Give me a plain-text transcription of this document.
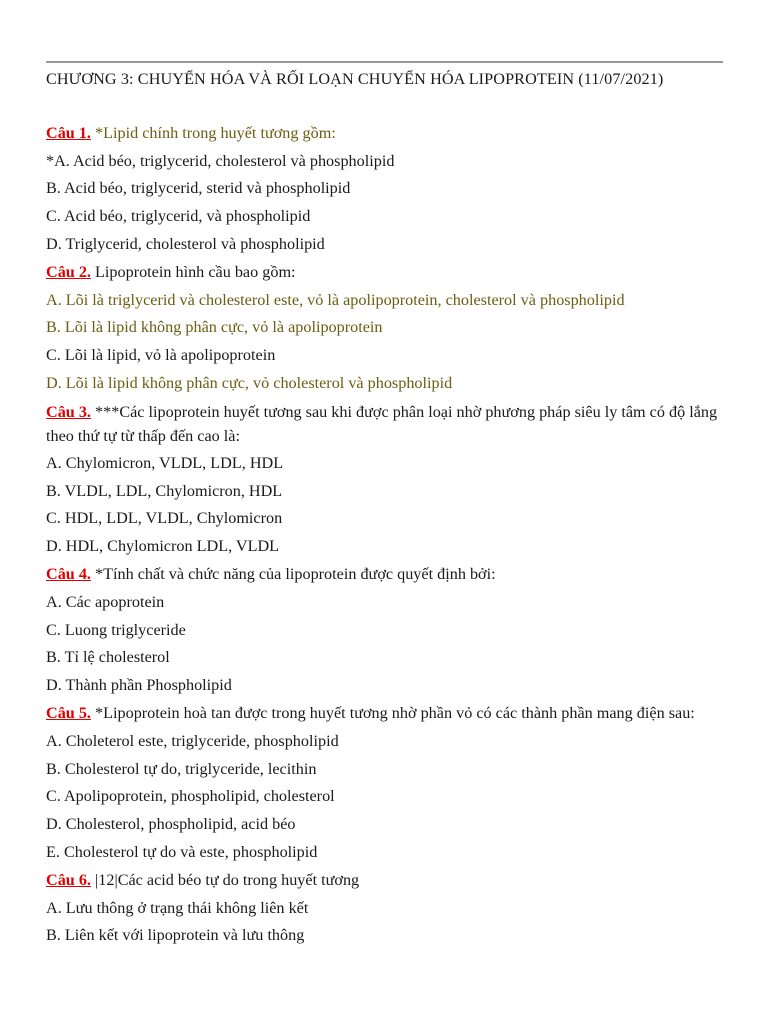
CHƯƠNG 3: CHUYỂN HÓA VÀ RỐI LOẠN CHUYỂN HÓA LIPOPROTEIN (11/07/2021)

Câu 1. *Lipid chính trong huyết tương gồm:

*A. Acid béo, triglycerid, cholesterol và phospholipid

B. Acid béo, triglycerid, sterid và phospholipid

C. Acid béo, triglycerid, và phospholipid

D. Triglycerid, cholesterol và phospholipid

Câu 2. Lipoprotein hình cầu bao gồm:

A. Lõi là triglycerid và cholesterol este, vỏ là apolipoprotein, cholesterol và phospholipid

B. Lõi là lipid không phân cực, vỏ là apolipoprotein

C. Lõi là lipid, vỏ là apolipoprotein

D. Lõi là lipid không phân cực, vỏ cholesterol và phospholipid

Câu 3. ***Các lipoprotein huyết tương sau khi được phân loại nhờ phương pháp siêu ly tâm có độ lắng theo thứ tự từ thấp đến cao là:

A. Chylomicron, VLDL, LDL, HDL

B. VLDL, LDL, Chylomicron, HDL

C. HDL, LDL, VLDL, Chylomicron

D. HDL, Chylomicron LDL, VLDL

Câu 4. *Tính chất và chức năng của lipoprotein được quyết định bởi:

A. Các apoprotein

C. Luong triglyceride

B. Tỉ lệ cholesterol

D. Thành phần Phospholipid

Câu 5. *Lipoprotein hoà tan được trong huyết tương nhờ phần vỏ có các thành phần mang điện sau:

A. Choleterol este, triglyceride, phospholipid

B. Cholesterol tự do, triglyceride, lecithin

C. Apolipoprotein, phospholipid, cholesterol

D. Cholesterol, phospholipid, acid béo

E. Cholesterol tự do và este, phospholipid

Câu 6. |12|Các acid béo tự do trong huyết tương

A. Lưu thông ở trạng thái không liên kết

B. Liên kết với lipoprotein và lưu thông
